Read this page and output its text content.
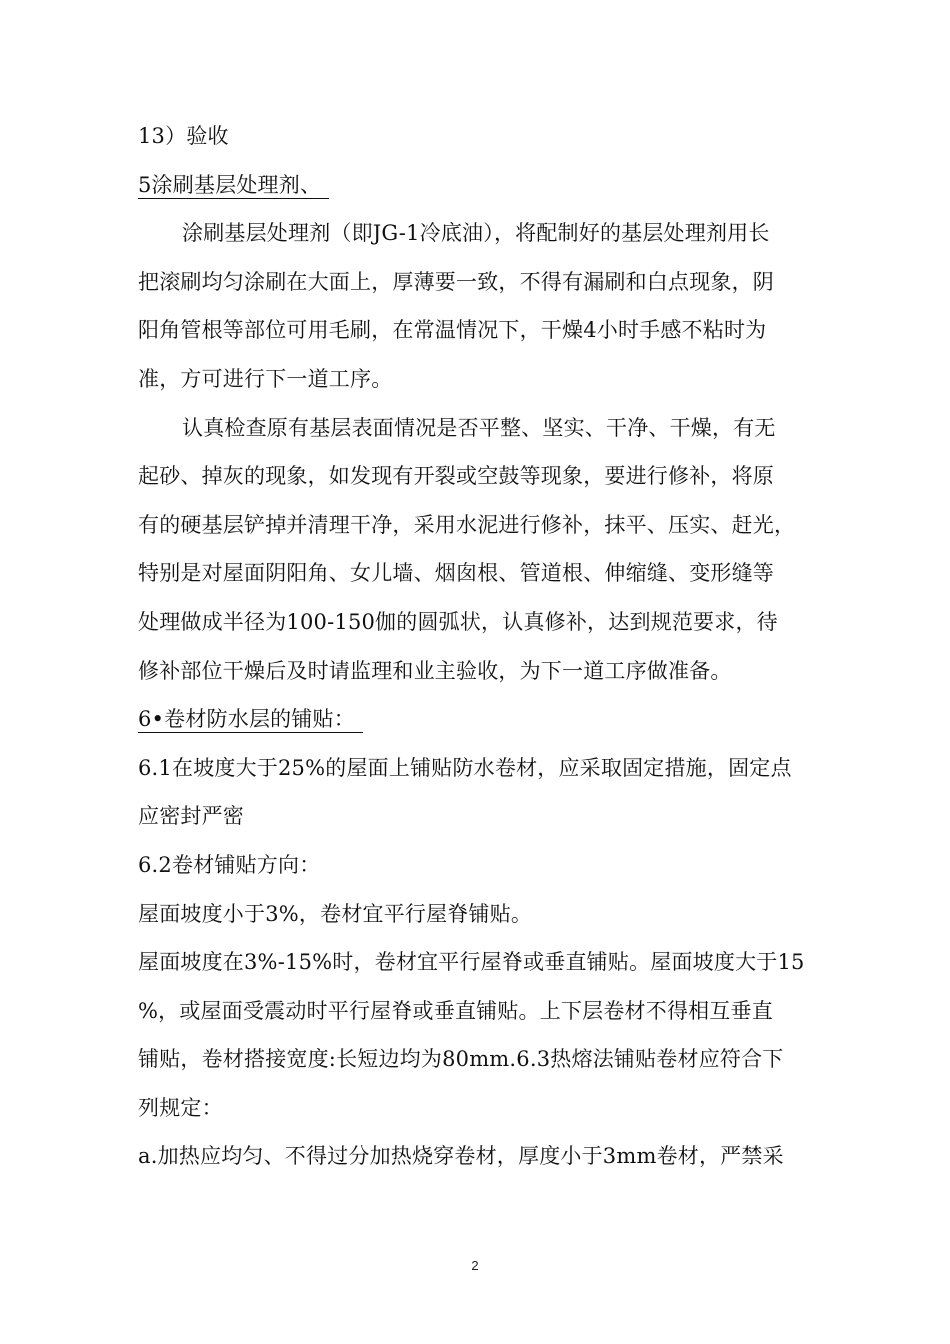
13）验收
5涂刷基层处理剂、
涂刷基层处理剂（即JG-1冷底油），将配制好的基层处理剂用长
把滚刷均匀涂刷在大面上，厚薄要一致，不得有漏刷和白点现象，阴
阳角管根等部位可用毛刷，在常温情况下，干燥4小时手感不粘时为
准，方可进行下一道工序。
认真检查原有基层表面情况是否平整、坚实、干净、干燥，有无
起砂、掉灰的现象，如发现有开裂或空鼓等现象，要进行修补，将原
有的硬基层铲掉并清理干净，采用水泥进行修补，抹平、压实、赶光，
特别是对屋面阴阳角、女儿墙、烟囱根、管道根、伸缩缝、变形缝等
处理做成半径为100-150伽的圆弧状，认真修补，达到规范要求，待
修补部位干燥后及时请监理和业主验收，为下一道工序做准备。
6•卷材防水层的铺贴：
6.1在坡度大于25%的屋面上铺贴防水卷材，应采取固定措施，固定点
应密封严密
6.2卷材铺贴方向：
屋面坡度小于3%，卷材宜平行屋脊铺贴。
屋面坡度在3%-15%时，卷材宜平行屋脊或垂直铺贴。屋面坡度大于15
%，或屋面受震动时平行屋脊或垂直铺贴。上下层卷材不得相互垂直
铺贴，卷材搭接宽度:长短边均为80mm.6.3热熔法铺贴卷材应符合下
列规定：
a.加热应均匀、不得过分加热烧穿卷材，厚度小于3mm卷材，严禁采
2
